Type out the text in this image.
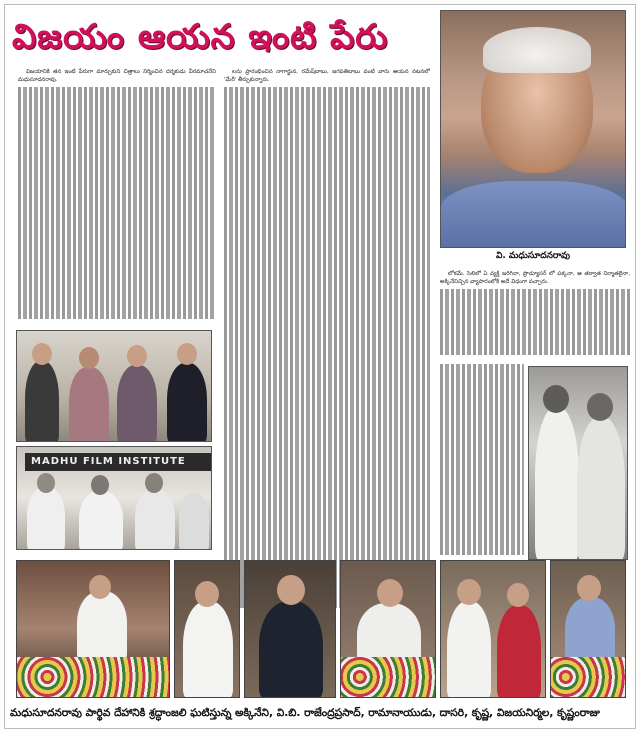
విజయం ఆయన ఇంటి పేరు

విజయానికి తన ఇంటి పేరుగా మార్చుకుని చిత్రాలు నిర్మించిన దర్శకుడు వీరమాచనేని మధుసూదనరావు.

లను ప్రారంభించిన నాగార్జున, రమేష్‌బాబు, జగపతిబాబు వంటి వారు ఆయన నటనలో 'మేరీ' తీర్చుకున్నారు.

లోకమే. సెలిలో ఏ వ్యక్తి జరిగినా, ప్రొడ్యూసర్ లో పక్కనా, ఆ తర్వాత నిర్మాతలైనా, అక్కినేనిచ్చిన వ్యాపారంలోకి అదే విధంగా వచ్చారు.

వి. మధుసూదనరావు
MADHU FILM INSTITUTE
మధుసూదనరావు పార్థివ దేహానికి శ్రద్ధాంజలి ఘటిస్తున్న అక్కినేని, వి.బి. రాజేంద్రప్రసాద్, రామానాయుడు, దాసరి, కృష్ణ, విజయనిర్మల, కృష్ణంరాజు
